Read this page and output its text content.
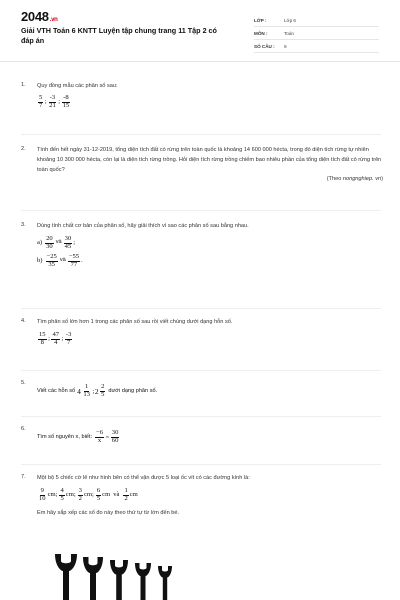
2048.vn
Giải VTH Toán 6 KNTT Luyện tập chung trang 11 Tập 2 có đáp án
LỚP :	Lớp 6
MÔN :	Toán
SỐ CÂU :	9
1. Quy đồng mẫu các phân số sau:

$\frac{5}{7}$ ; $\frac{-3}{21}$ ; $\frac{-8}{15}$
2. Tính đến hết ngày 31-12-2019, tổng diện tích đất có rừng trên toàn quốc là khoảng 14 600 000 hécta, trong đó diện tích rừng tự nhiên khoảng 10 300 000 hécta, còn lại là diện tích rừng trồng. Hỏi diện tích rừng trồng chiếm bao nhiêu phần của tổng diện tích đất có rừng trên toàn quốc?

(Theo nongnghiep. vn)

3. Dùng tính chất cơ bản của phân số, hãy giải thích vì sao các phân số sau bằng nhau.

$a) \frac{20}{30}$ và $\frac{30}{45}$ ;

$b) \frac{-25}{35}$ và $\frac{-55}{77}$ .
4. Tìm phân số lớn hơn 1 trong các phân số sau rồi viết chúng dưới dạng hỗn số.

$\frac{15}{8}$ ; $\frac{47}{4}$ ; $\frac{-3}{7}$
5.
Viết các hỗn số $4 \frac{1}{13}$ ; $2 \frac{2}{5}$ dưới dạng phân số.
6.
Tìm số nguyên x, biết: $\frac{-6}{x} = \frac{30}{60}$
7. Một bộ 5 chiếc cờ lê như hình bên có thể vặn được 5 loại ốc vít có các đường kính là:

$\frac{9}{10}$ cm; $\frac{4}{5}$ cm; $\frac{3}{2}$ cm; $\frac{6}{5}$ cm và $\frac{1}{2}$ cm

Em hãy sắp xếp các số đo này theo thứ tự từ lớn đến bé.
